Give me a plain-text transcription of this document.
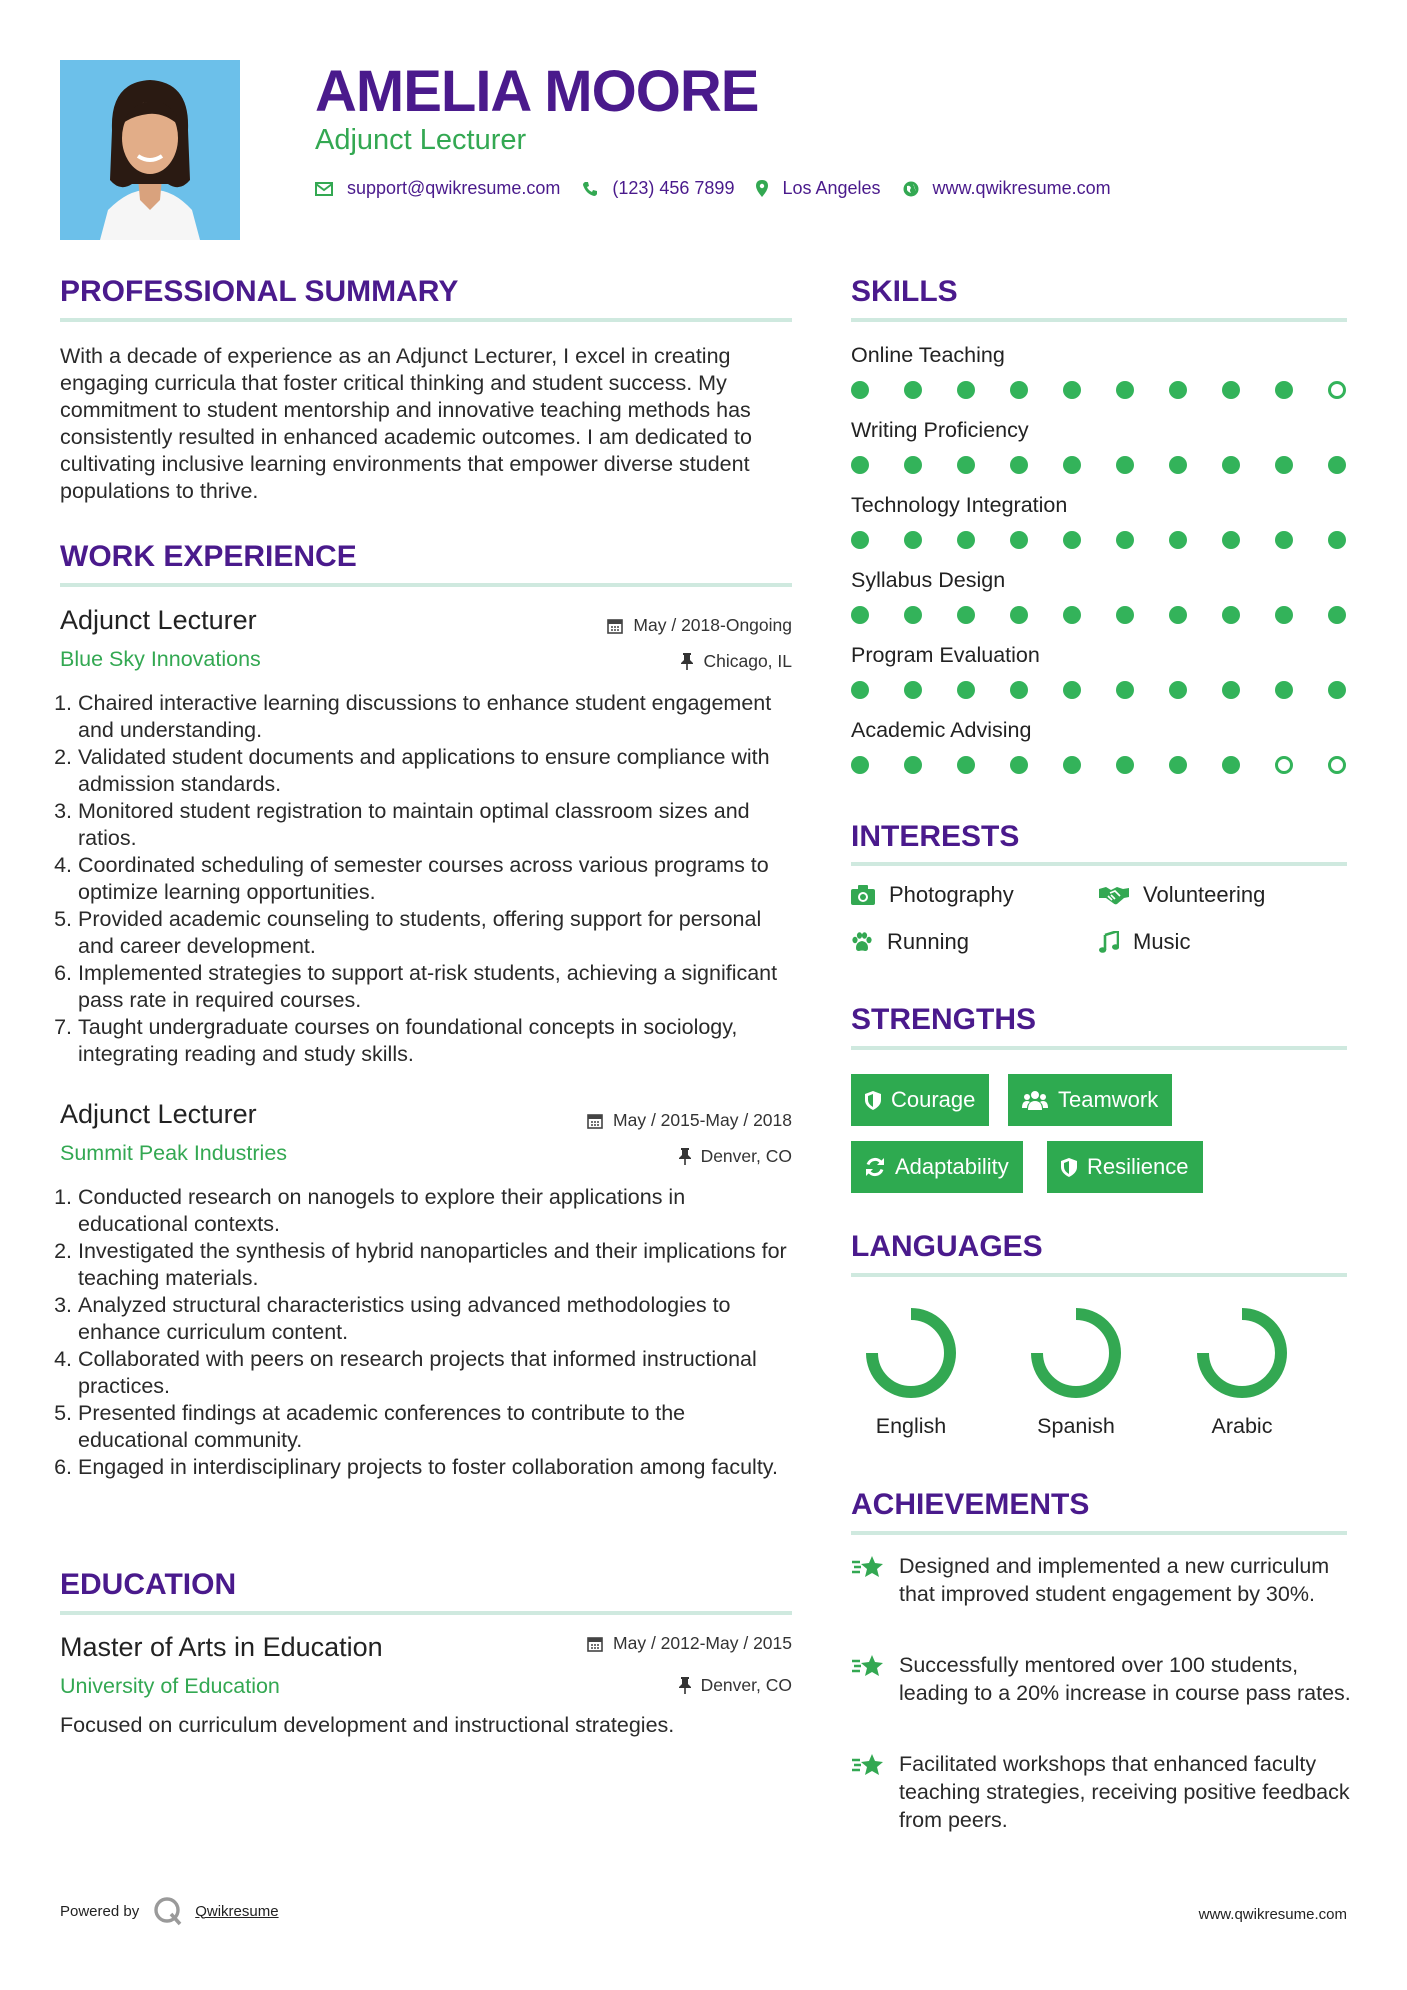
AMELIA MOORE
Adjunct Lecturer
support@qwikresume.com	(123) 456 7899	Los Angeles	www.qwikresume.com
PROFESSIONAL SUMMARY
With a decade of experience as an Adjunct Lecturer, I excel in creating engaging curricula that foster critical thinking and student success. My commitment to student mentorship and innovative teaching methods has consistently resulted in enhanced academic outcomes. I am dedicated to cultivating inclusive learning environments that empower diverse student populations to thrive.
WORK EXPERIENCE
Adjunct Lecturer
Blue Sky Innovations
May / 2018-Ongoing
Chicago, IL
1. Chaired interactive learning discussions to enhance student engagement and understanding.
2. Validated student documents and applications to ensure compliance with admission standards.
3. Monitored student registration to maintain optimal classroom sizes and ratios.
4. Coordinated scheduling of semester courses across various programs to optimize learning opportunities.
5. Provided academic counseling to students, offering support for personal and career development.
6. Implemented strategies to support at-risk students, achieving a significant pass rate in required courses.
7. Taught undergraduate courses on foundational concepts in sociology, integrating reading and study skills.
Adjunct Lecturer
Summit Peak Industries
May / 2015-May / 2018
Denver, CO
1. Conducted research on nanogels to explore their applications in educational contexts.
2. Investigated the synthesis of hybrid nanoparticles and their implications for teaching materials.
3. Analyzed structural characteristics using advanced methodologies to enhance curriculum content.
4. Collaborated with peers on research projects that informed instructional practices.
5. Presented findings at academic conferences to contribute to the educational community.
6. Engaged in interdisciplinary projects to foster collaboration among faculty.
EDUCATION
Master of Arts in Education
University of Education
May / 2012-May / 2015
Denver, CO
Focused on curriculum development and instructional strategies.
SKILLS
Online Teaching
Writing Proficiency
Technology Integration
Syllabus Design
Program Evaluation
Academic Advising
INTERESTS
Photography	Volunteering
Running	Music
STRENGTHS
Courage	Teamwork
Adaptability	Resilience
LANGUAGES
English	Spanish	Arabic
ACHIEVEMENTS
Designed and implemented a new curriculum that improved student engagement by 30%.
Successfully mentored over 100 students, leading to a 20% increase in course pass rates.
Facilitated workshops that enhanced faculty teaching strategies, receiving positive feedback from peers.
Powered by	Qwikresume	www.qwikresume.com
